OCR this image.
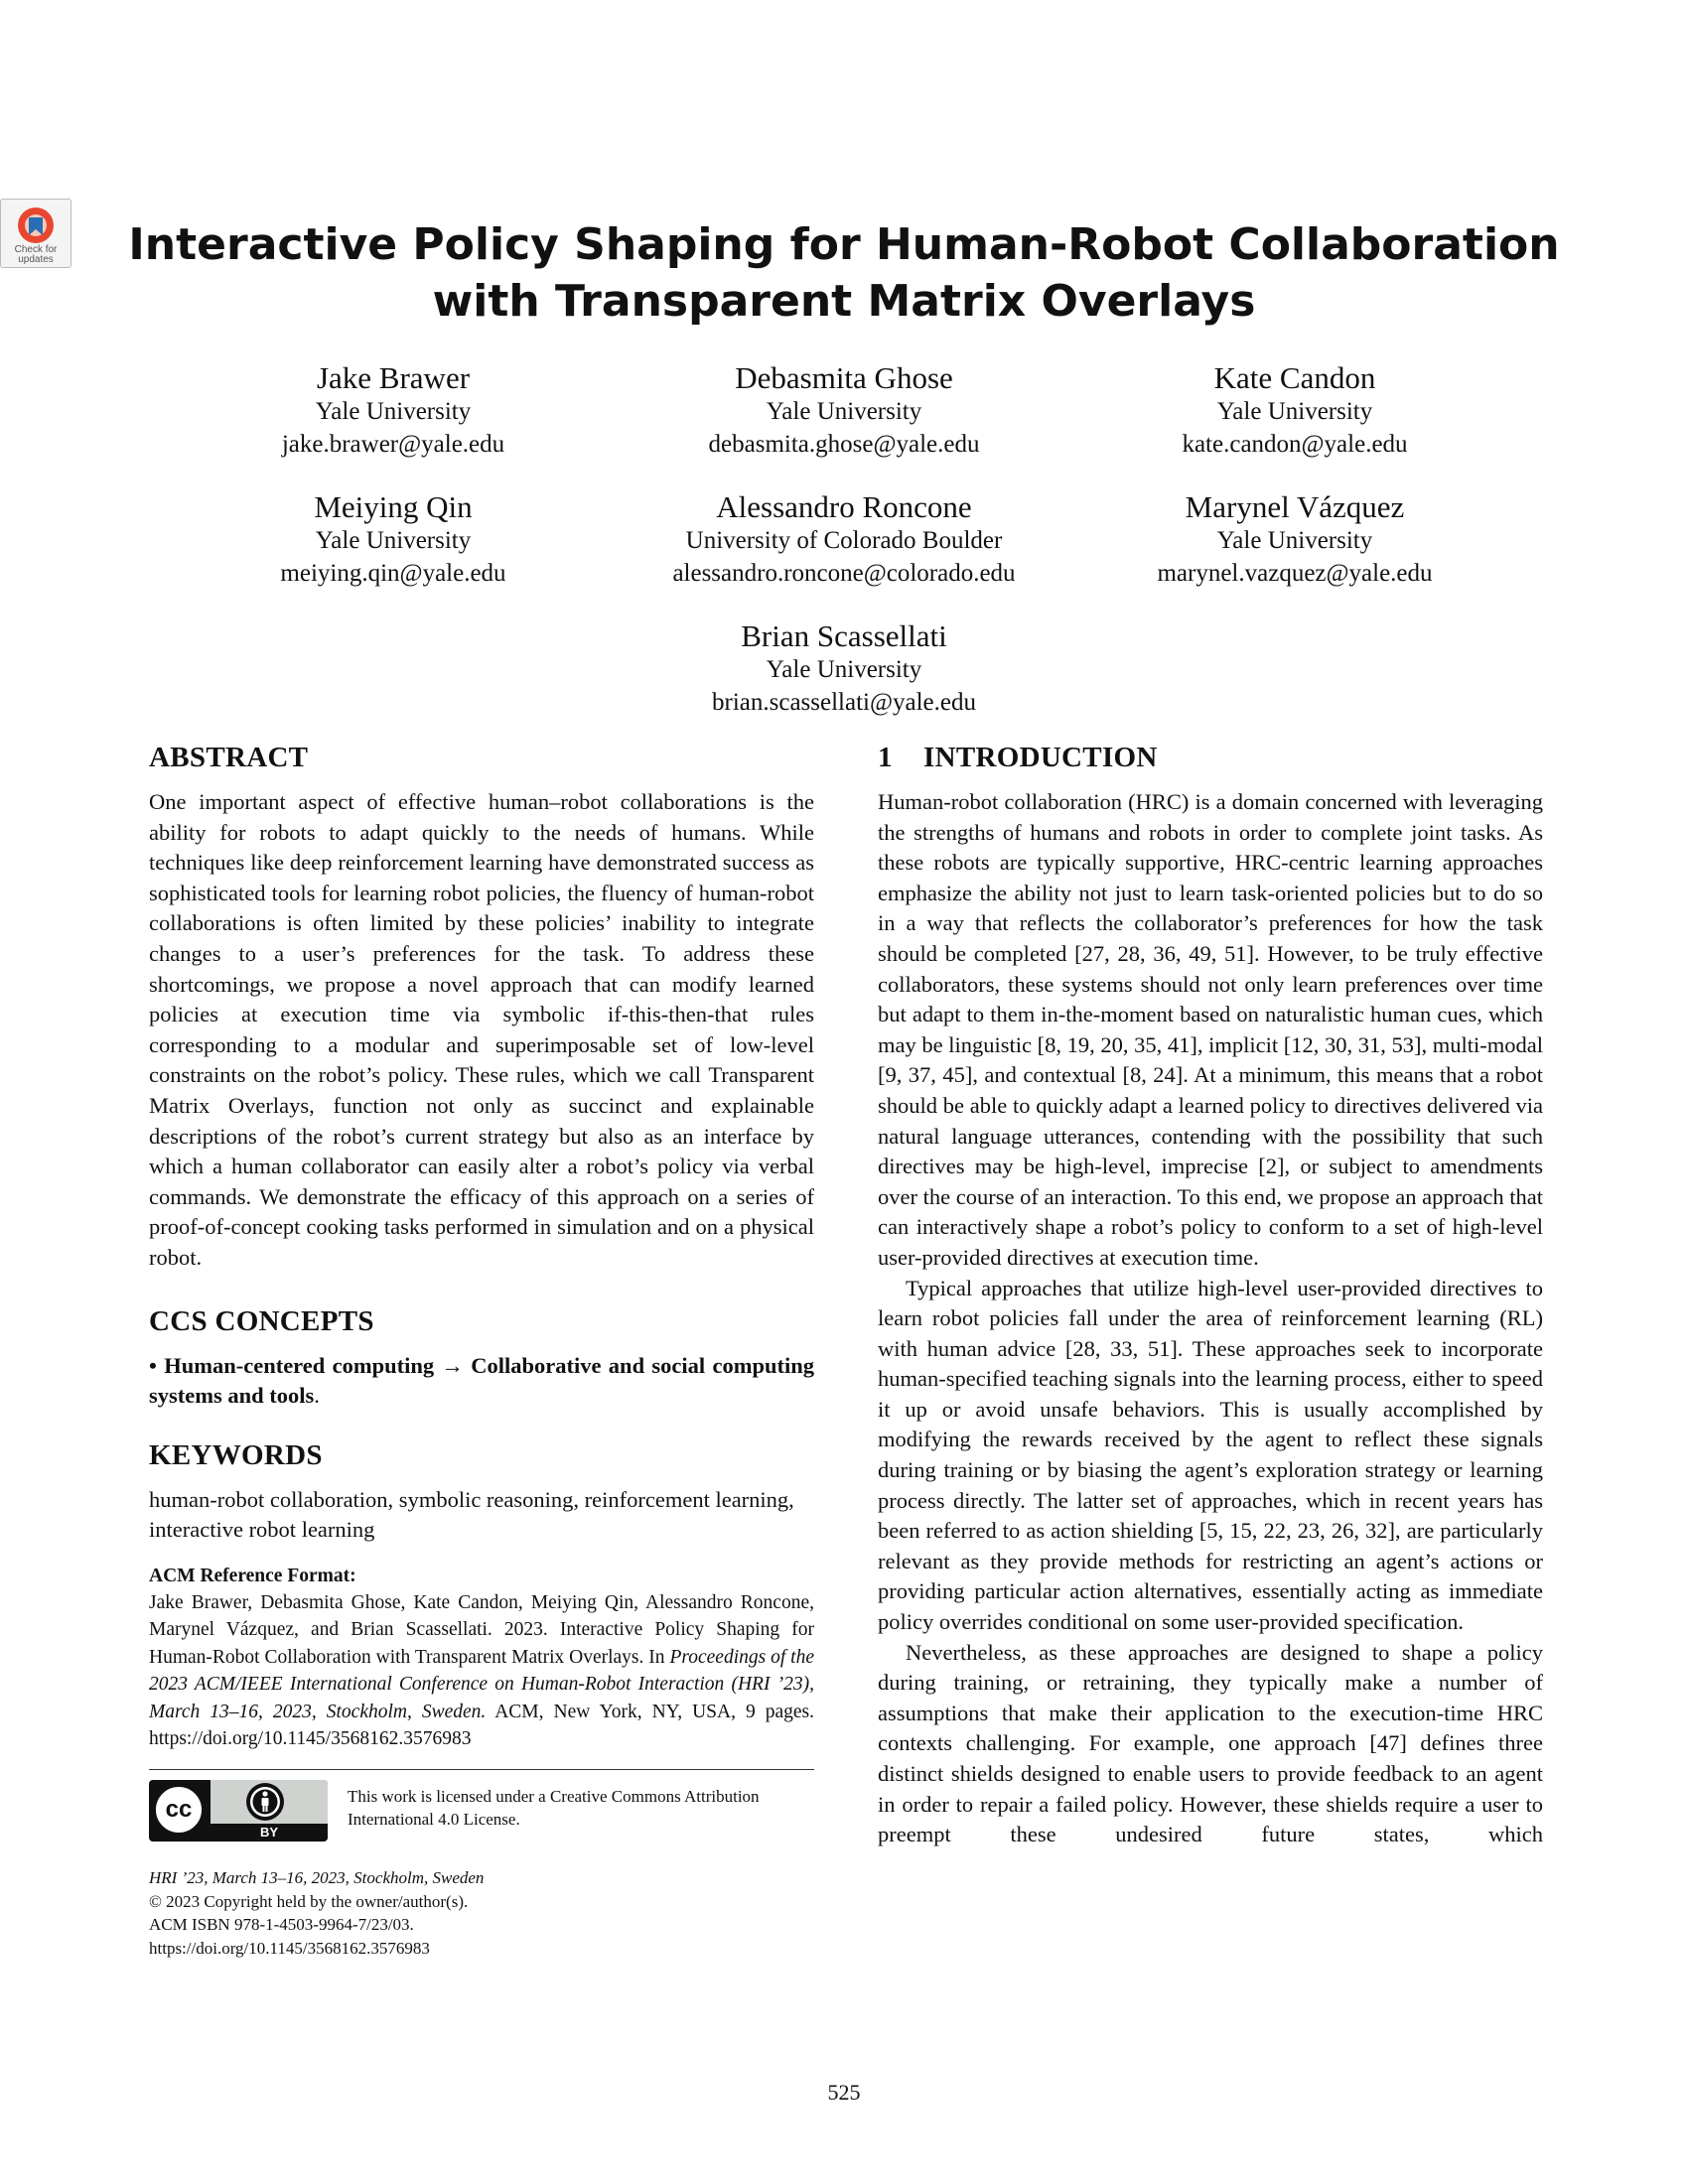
Check for updates	Interactive Policy Shaping for Human-Robot Collaboration with Transparent Matrix Overlays
Jake Brawer
Yale University
jake.brawer@yale.edu
Debasmita Ghose
Yale University
debasmita.ghose@yale.edu
Kate Candon
Yale University
kate.candon@yale.edu
Meiying Qin
Yale University
meiying.qin@yale.edu
Alessandro Roncone
University of Colorado Boulder
alessandro.roncone@colorado.edu
Marynel Vázquez
Yale University
marynel.vazquez@yale.edu
Brian Scassellati
Yale University
brian.scassellati@yale.edu
ABSTRACT

One important aspect of effective human–robot collaborations is the ability for robots to adapt quickly to the needs of humans. While techniques like deep reinforcement learning have demonstrated success as sophisticated tools for learning robot policies, the fluency of human-robot collaborations is often limited by these policies’ inability to integrate changes to a user’s preferences for the task. To address these shortcomings, we propose a novel approach that can modify learned policies at execution time via symbolic if-this-then-that rules corresponding to a modular and superimposable set of low-level constraints on the robot’s policy. These rules, which we call Transparent Matrix Overlays, function not only as succinct and explainable descriptions of the robot’s current strategy but also as an interface by which a human collaborator can easily alter a robot’s policy via verbal commands. We demonstrate the efficacy of this approach on a series of proof-of-concept cooking tasks performed in simulation and on a physical robot.

CCS CONCEPTS

• Human-centered computing → Collaborative and social computing systems and tools.

KEYWORDS

human-robot collaboration, symbolic reasoning, reinforcement learning, interactive robot learning

ACM Reference Format:

Jake Brawer, Debasmita Ghose, Kate Candon, Meiying Qin, Alessandro Roncone, Marynel Vázquez, and Brian Scassellati. 2023. Interactive Policy Shaping for Human-Robot Collaboration with Transparent Matrix Overlays. In Proceedings of the 2023 ACM/IEEE International Conference on Human-Robot Interaction (HRI ’23), March 13–16, 2023, Stockholm, Sweden. ACM, New York, NY, USA, 9 pages. https://doi.org/10.1145/3568162.3576983

cc
BY
This work is licensed under a Creative Commons Attribution International 4.0 License.
HRI ’23, March 13–16, 2023, Stockholm, Sweden
© 2023 Copyright held by the owner/author(s).
ACM ISBN 978-1-4503-9964-7/23/03.
https://doi.org/10.1145/3568162.3576983
1 INTRODUCTION

Human-robot collaboration (HRC) is a domain concerned with leveraging the strengths of humans and robots in order to complete joint tasks. As these robots are typically supportive, HRC-centric learning approaches emphasize the ability not just to learn task-oriented policies but to do so in a way that reflects the collaborator’s preferences for how the task should be completed [27, 28, 36, 49, 51]. However, to be truly effective collaborators, these systems should not only learn preferences over time but adapt to them in-the-moment based on naturalistic human cues, which may be linguistic [8, 19, 20, 35, 41], implicit [12, 30, 31, 53], multi-modal [9, 37, 45], and contextual [8, 24]. At a minimum, this means that a robot should be able to quickly adapt a learned policy to directives delivered via natural language utterances, contending with the possibility that such directives may be high-level, imprecise [2], or subject to amendments over the course of an interaction. To this end, we propose an approach that can interactively shape a robot’s policy to conform to a set of high-level user-provided directives at execution time.

Typical approaches that utilize high-level user-provided directives to learn robot policies fall under the area of reinforcement learning (RL) with human advice [28, 33, 51]. These approaches seek to incorporate human-specified teaching signals into the learning process, either to speed it up or avoid unsafe behaviors. This is usually accomplished by modifying the rewards received by the agent to reflect these signals during training or by biasing the agent’s exploration strategy or learning process directly. The latter set of approaches, which in recent years has been referred to as action shielding [5, 15, 22, 23, 26, 32], are particularly relevant as they provide methods for restricting an agent’s actions or providing particular action alternatives, essentially acting as immediate policy overrides conditional on some user-provided specification.

Nevertheless, as these approaches are designed to shape a policy during training, or retraining, they typically make a number of assumptions that make their application to the execution-time HRC contexts challenging. For example, one approach [47] defines three distinct shields designed to enable users to provide feedback to an agent in order to repair a failed policy. However, these shields require a user to preempt these undesired future states, which

525
